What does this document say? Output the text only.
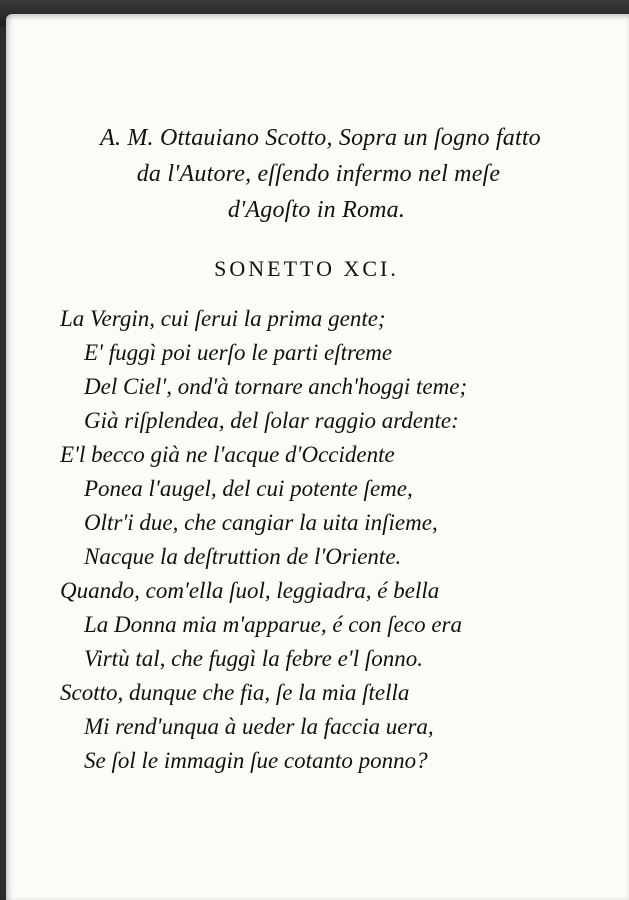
A. M. Ottauiano Scotto, Sopra un ſogno fatto
da l'Autore, eſſendo infermo nel meſe
d'Agoſto in Roma.
SONETTO XCI.
La Vergin, cui ſerui la prima gente;
E' fuggì poi uerſo le parti eſtreme
Del Ciel', ond'à tornare anch'hoggi teme;
Già riſplendea, del ſolar raggio ardente:
E'l becco già ne l'acque d'Occidente
Ponea l'augel, del cui potente ſeme,
Oltr'i due, che cangiar la uita inſieme,
Nacque la deſtruttion de l'Oriente.
Quando, com'ella ſuol, leggiadra, é bella
La Donna mia m'apparue, é con ſeco era
Virtù tal, che fuggì la febre e'l ſonno.
Scotto, dunque che fia, ſe la mia ſtella
Mi rend'unqua à ueder la faccia uera,
Se ſol le immagin ſue cotanto ponno?
